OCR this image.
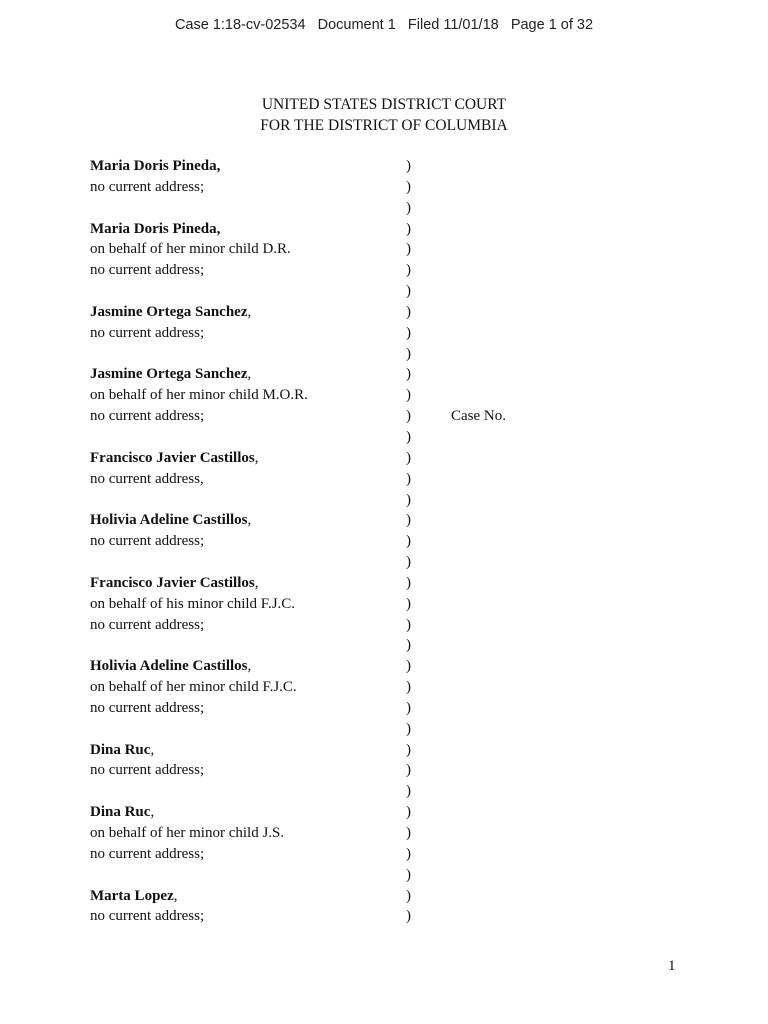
Case 1:18-cv-02534 Document 1 Filed 11/01/18 Page 1 of 32
UNITED STATES DISTRICT COURT
FOR THE DISTRICT OF COLUMBIA
Maria Doris Pineda,	)
no current address;	)
)
Maria Doris Pineda,	)
on behalf of her minor child D.R.	)
no current address;	)
)
Jasmine Ortega Sanchez,	)
no current address;	)
)
Jasmine Ortega Sanchez,	)
on behalf of her minor child M.O.R.	)
no current address;	)	Case No.
)
Francisco Javier Castillos,	)
no current address,	)
)
Holivia Adeline Castillos,	)
no current address;	)
)
Francisco Javier Castillos,	)
on behalf of his minor child F.J.C.	)
no current address;	)
)
Holivia Adeline Castillos,	)
on behalf of her minor child F.J.C.	)
no current address;	)
)
Dina Ruc,	)
no current address;	)
)
Dina Ruc,	)
on behalf of her minor child J.S.	)
no current address;	)
)
Marta Lopez,	)
no current address;	)
1
